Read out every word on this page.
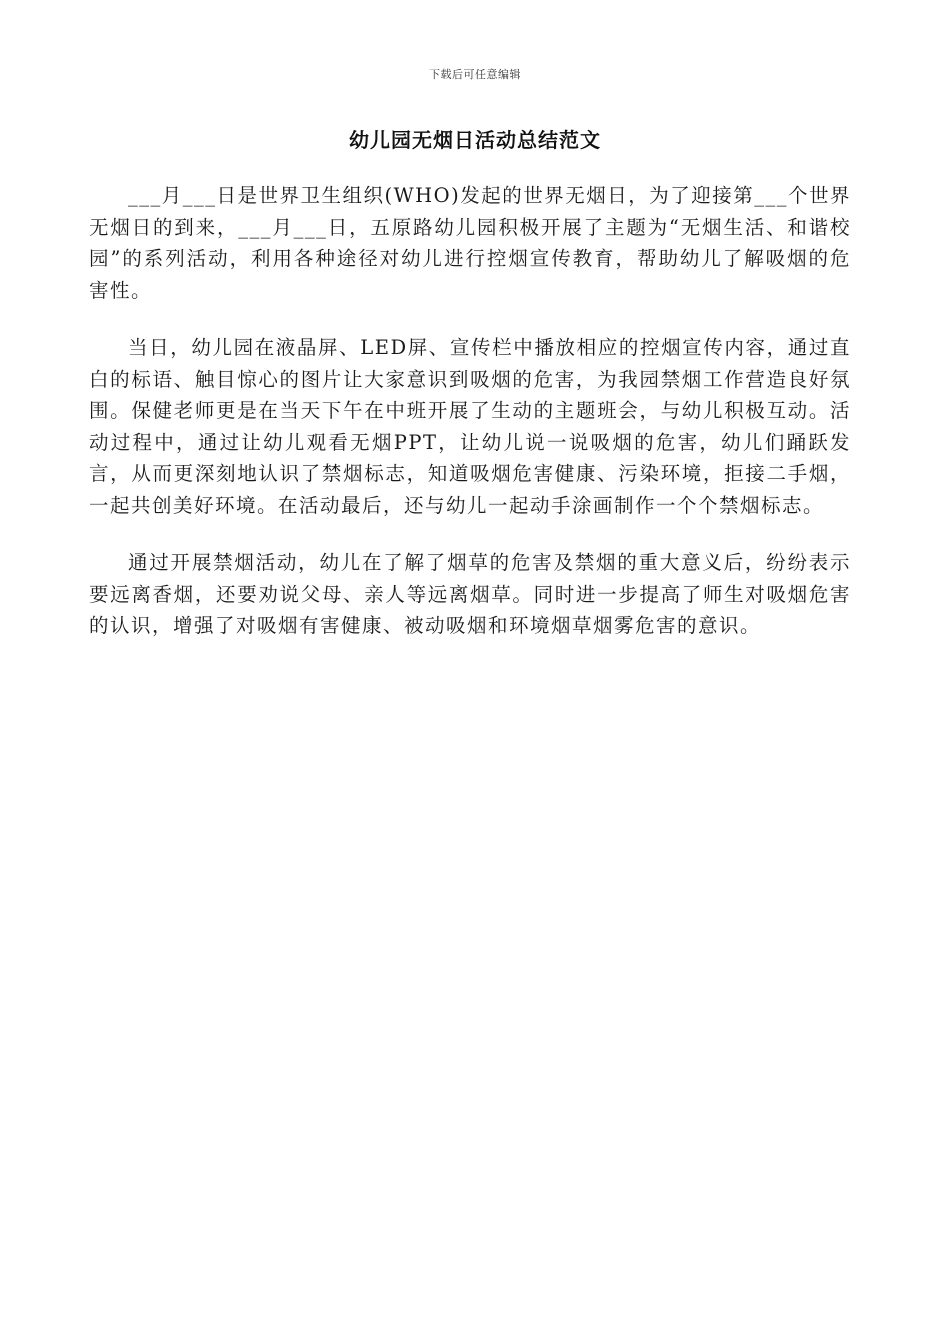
下载后可任意编辑
幼儿园无烟日活动总结范文

___月___日是世界卫生组织(WHO)发起的世界无烟日，为了迎接第___个世界无烟日的到来，___月___日，五原路幼儿园积极开展了主题为“无烟生活、和谐校园”的系列活动，利用各种途径对幼儿进行控烟宣传教育，帮助幼儿了解吸烟的危害性。

当日，幼儿园在液晶屏、LED屏、宣传栏中播放相应的控烟宣传内容，通过直白的标语、触目惊心的图片让大家意识到吸烟的危害，为我园禁烟工作营造良好氛围。保健老师更是在当天下午在中班开展了生动的主题班会，与幼儿积极互动。活动过程中，通过让幼儿观看无烟PPT，让幼儿说一说吸烟的危害，幼儿们踊跃发言，从而更深刻地认识了禁烟标志，知道吸烟危害健康、污染环境，拒接二手烟，一起共创美好环境。在活动最后，还与幼儿一起动手涂画制作一个个禁烟标志。

通过开展禁烟活动，幼儿在了解了烟草的危害及禁烟的重大意义后，纷纷表示要远离香烟，还要劝说父母、亲人等远离烟草。同时进一步提高了师生对吸烟危害的认识，增强了对吸烟有害健康、被动吸烟和环境烟草烟雾危害的意识。
